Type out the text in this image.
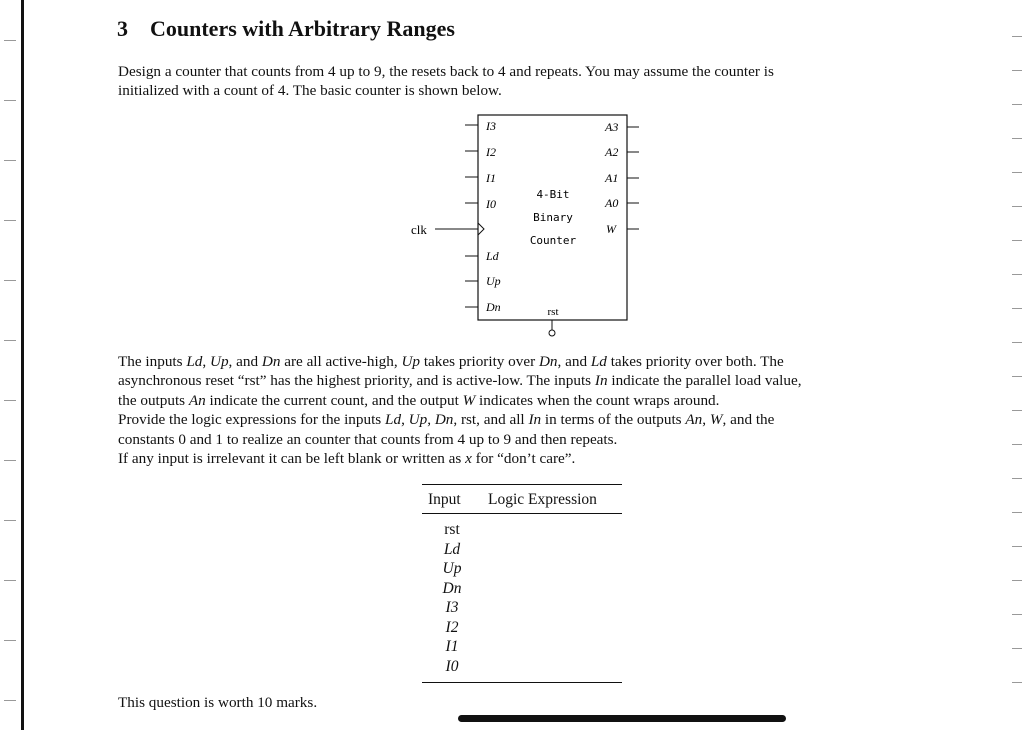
3 Counters with Arbitrary Ranges

Design a counter that counts from 4 up to 9, the resets back to 4 and repeats. You may assume the counter is

initialized with a count of 4. The basic counter is shown below.

clk
I3
I2
I1
I0
Ld
Up
Dn
A3
A2
A1
A0
W
4-Bit
Binary
Counter
rst

The inputs Ld, Up, and Dn are all active-high, Up takes priority over Dn, and Ld takes priority over both. The

asynchronous reset “rst” has the highest priority, and is active-low. The inputs In indicate the parallel load value,

the outputs An indicate the current count, and the output W indicates when the count wraps around.

Provide the logic expressions for the inputs Ld, Up, Dn, rst, and all In in terms of the outputs An, W, and the

constants 0 and 1 to realize an counter that counts from 4 up to 9 and then repeats.

If any input is irrelevant it can be left blank or written as x for “don’t care”.

Input	Logic Expression
rst	
Ld	
Up	
Dn	
I3	
I2	
I1	
I0	
This question is worth 10 marks.
